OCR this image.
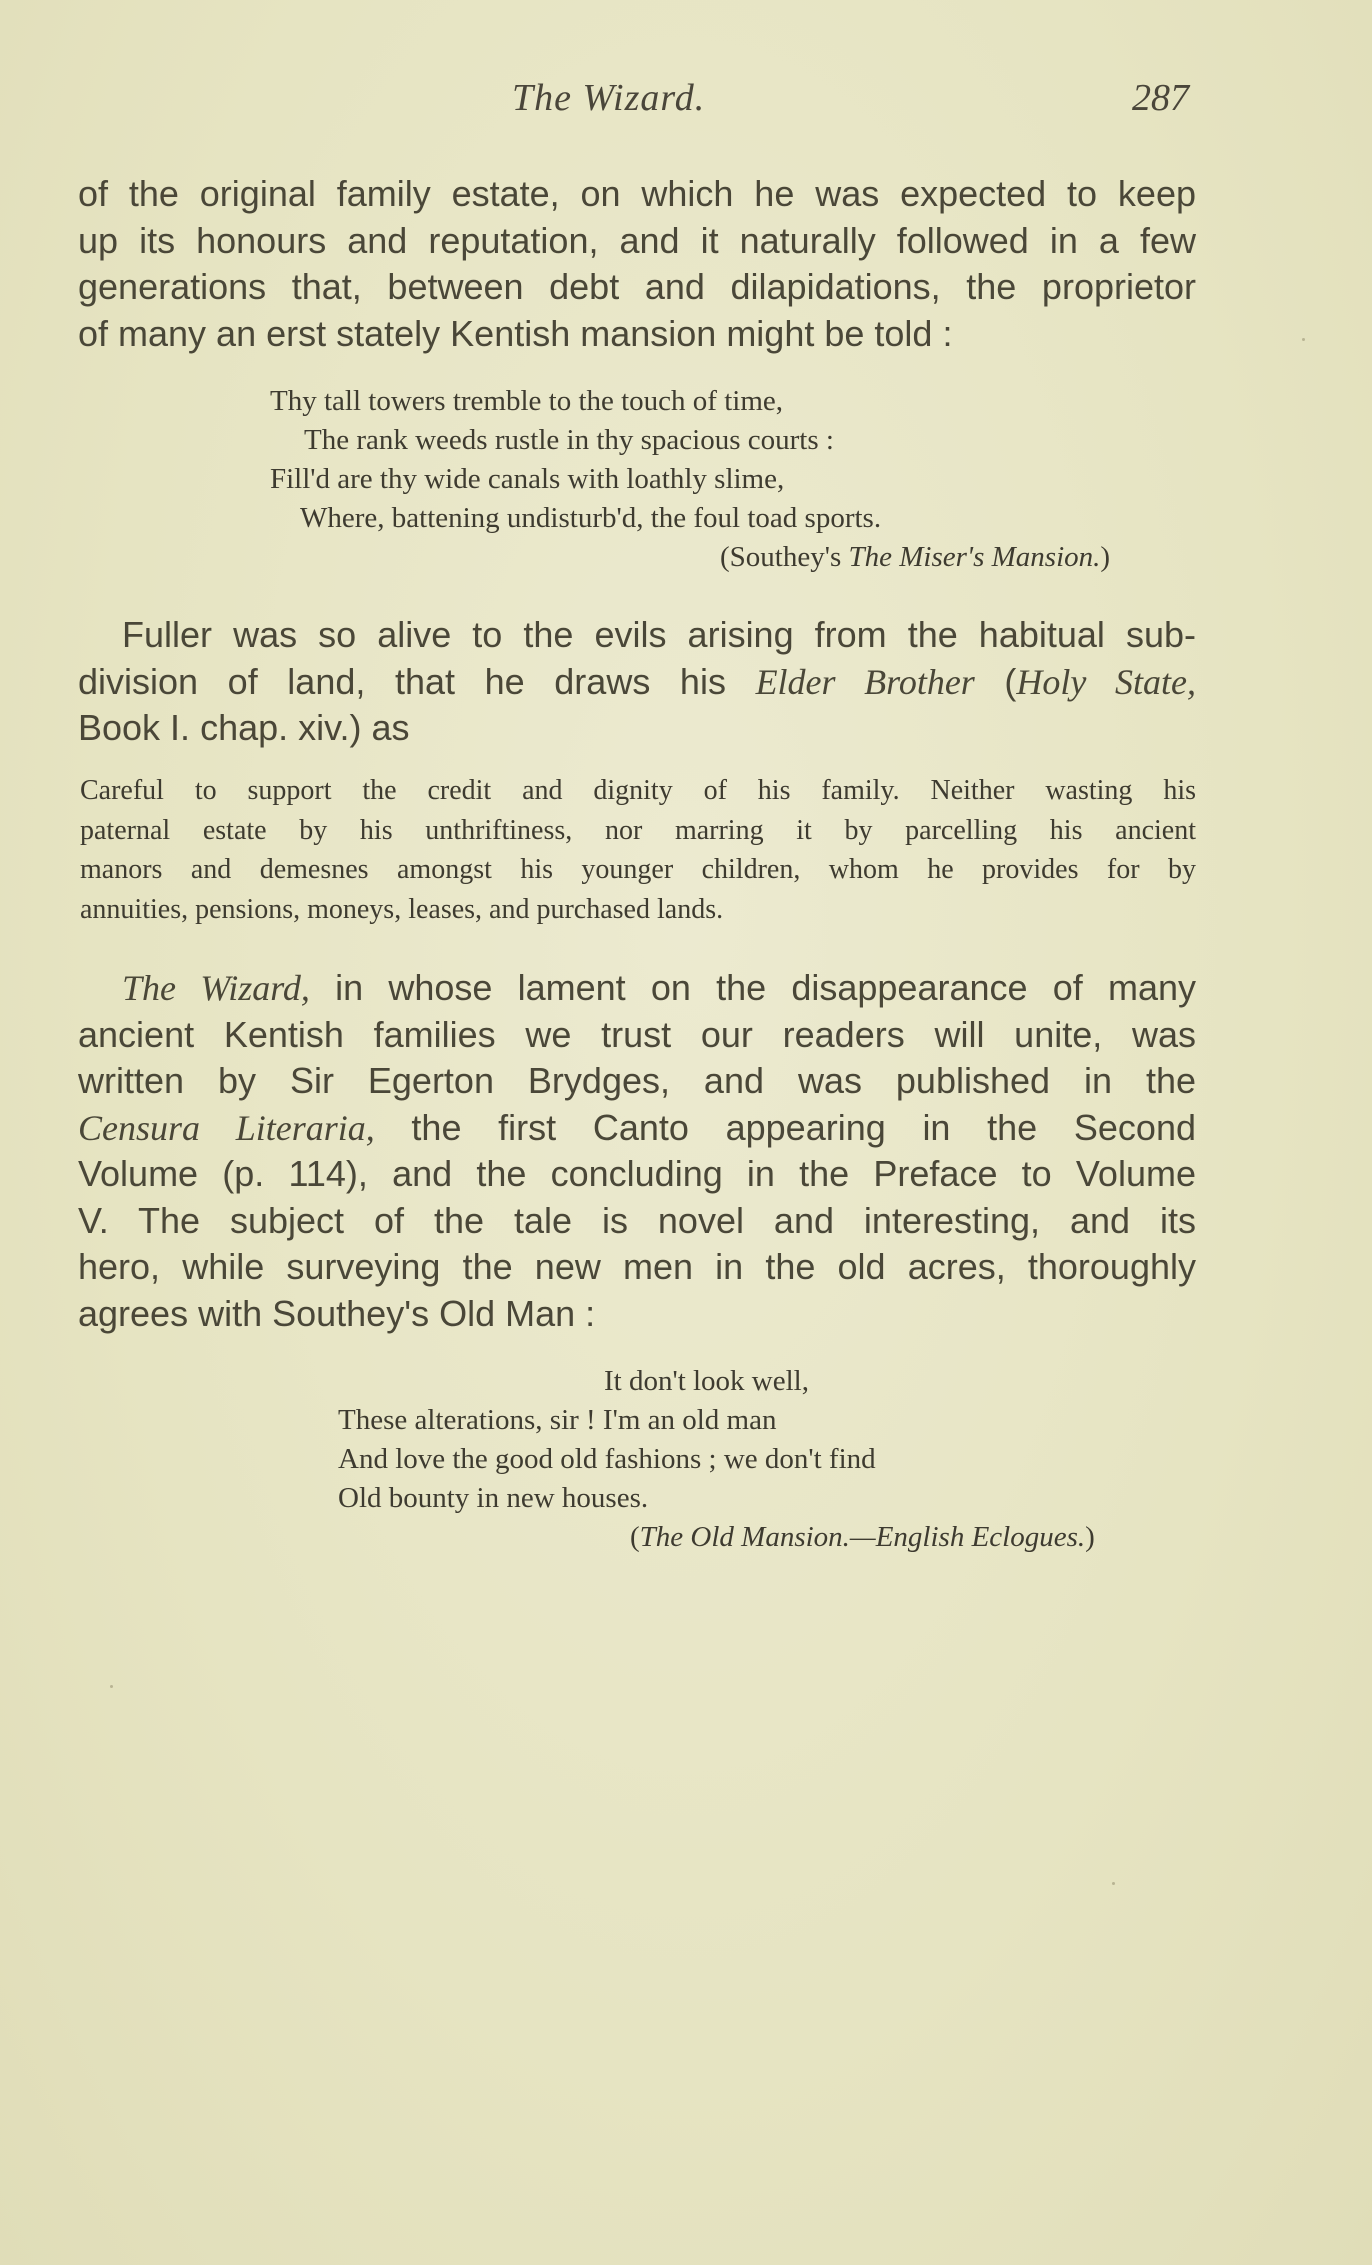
The Wizard.	287
of the original family estate, on which he was expected to keep
up its honours and reputation, and it naturally followed in a few
generations that, between debt and dilapidations, the proprietor
of many an erst stately Kentish mansion might be told :
Thy tall towers tremble to the touch of time,
The rank weeds rustle in thy spacious courts :
Fill'd are thy wide canals with loathly slime,
Where, battening undisturb'd, the foul toad sports.
(Southey's The Miser's Mansion.)
Fuller was so alive to the evils arising from the habitual sub-
division of land, that he draws his Elder Brother (Holy State,
Book I. chap. xiv.) as
Careful to support the credit and dignity of his family. Neither wasting his
paternal estate by his unthriftiness, nor marring it by parcelling his ancient
manors and demesnes amongst his younger children, whom he provides for by
annuities, pensions, moneys, leases, and purchased lands.
The Wizard, in whose lament on the disappearance of many
ancient Kentish families we trust our readers will unite, was
written by Sir Egerton Brydges, and was published in the
Censura Literaria, the first Canto appearing in the Second
Volume (p. 114), and the concluding in the Preface to Volume
V. The subject of the tale is novel and interesting, and its
hero, while surveying the new men in the old acres, thoroughly
agrees with Southey's Old Man :
It don't look well,
These alterations, sir ! I'm an old man
And love the good old fashions ; we don't find
Old bounty in new houses.
(The Old Mansion.—English Eclogues.)
